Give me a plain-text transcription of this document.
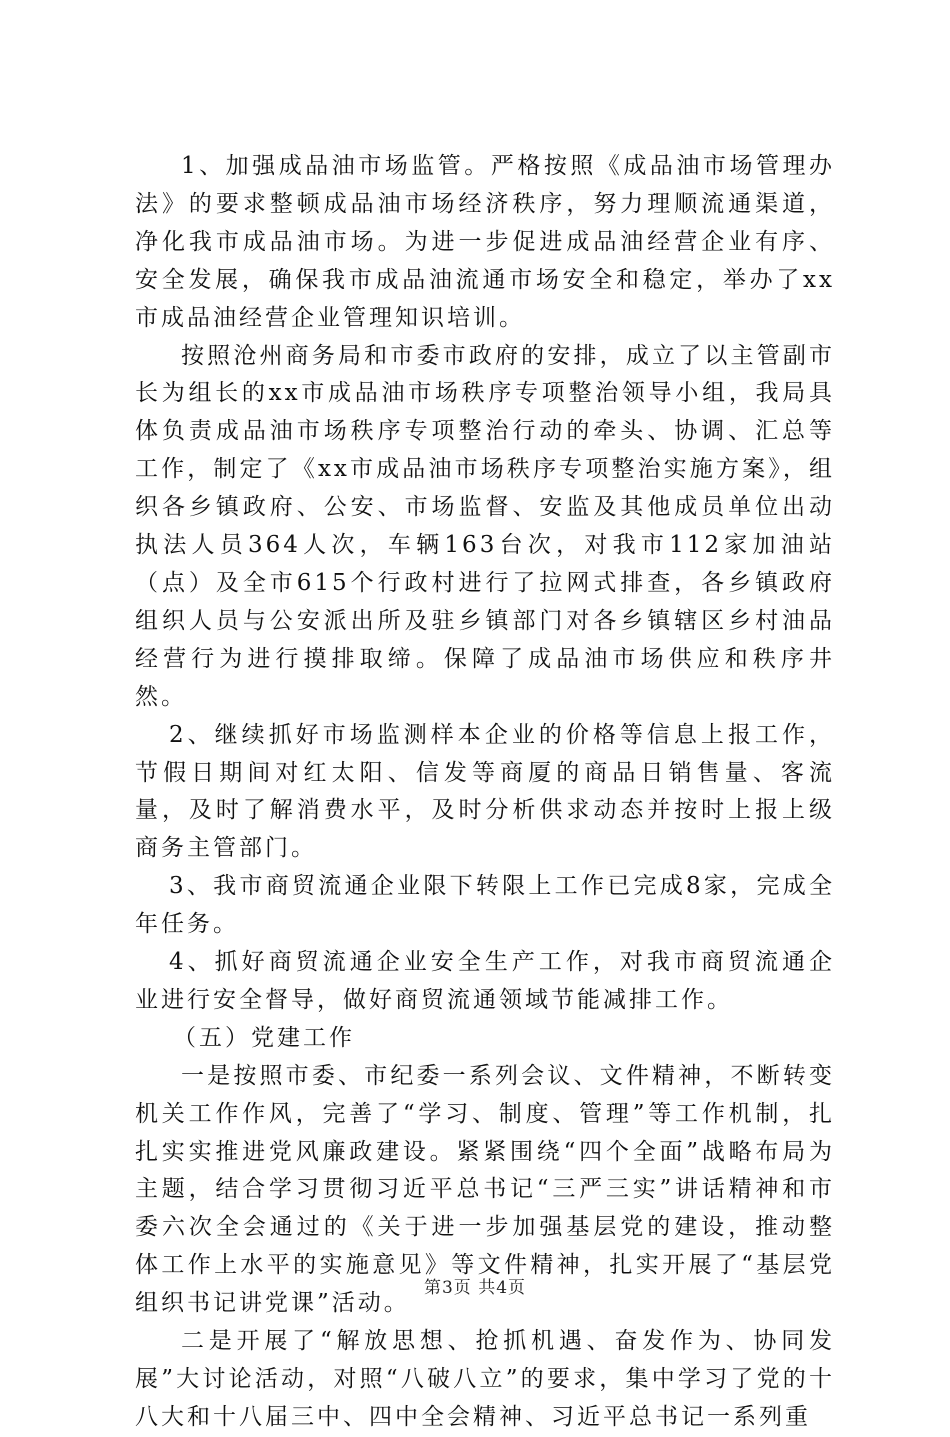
1、加强成品油市场监管。严格按照《成品油市场管理办法》的要求整顿成品油市场经济秩序，努力理顺流通渠道，净化我市成品油市场。为进一步促进成品油经营企业有序、安全发展，确保我市成品油流通市场安全和稳定，举办了xx市成品油经营企业管理知识培训。

按照沧州商务局和市委市政府的安排，成立了以主管副市长为组长的xx市成品油市场秩序专项整治领导小组，我局具体负责成品油市场秩序专项整治行动的牵头、协调、汇总等工作，制定了《xx市成品油市场秩序专项整治实施方案》，组织各乡镇政府、公安、市场监督、安监及其他成员单位出动执法人员364人次，车辆163台次，对我市112家加油站（点）及全市615个行政村进行了拉网式排查，各乡镇政府组织人员与公安派出所及驻乡镇部门对各乡镇辖区乡村油品经营行为进行摸排取缔。保障了成品油市场供应和秩序井然。

2、继续抓好市场监测样本企业的价格等信息上报工作，节假日期间对红太阳、信发等商厦的商品日销售量、客流量，及时了解消费水平，及时分析供求动态并按时上报上级商务主管部门。

3、我市商贸流通企业限下转限上工作已完成8家，完成全年任务。

4、抓好商贸流通企业安全生产工作，对我市商贸流通企业进行安全督导，做好商贸流通领域节能减排工作。

（五）党建工作

一是按照市委、市纪委一系列会议、文件精神，不断转变机关工作作风，完善了“学习、制度、管理”等工作机制，扎扎实实推进党风廉政建设。紧紧围绕“四个全面”战略布局为主题，结合学习贯彻习近平总书记“三严三实”讲话精神和市委六次全会通过的《关于进一步加强基层党的建设，推动整体工作上水平的实施意见》等文件精神，扎实开展了“基层党组织书记讲党课”活动。

二是开展了“解放思想、抢抓机遇、奋发作为、协同发展”大讨论活动，对照“八破八立”的要求，集中学习了党的十八大和十八届三中、四中全会精神、习近平总书记一系列重

第3页 共4页
